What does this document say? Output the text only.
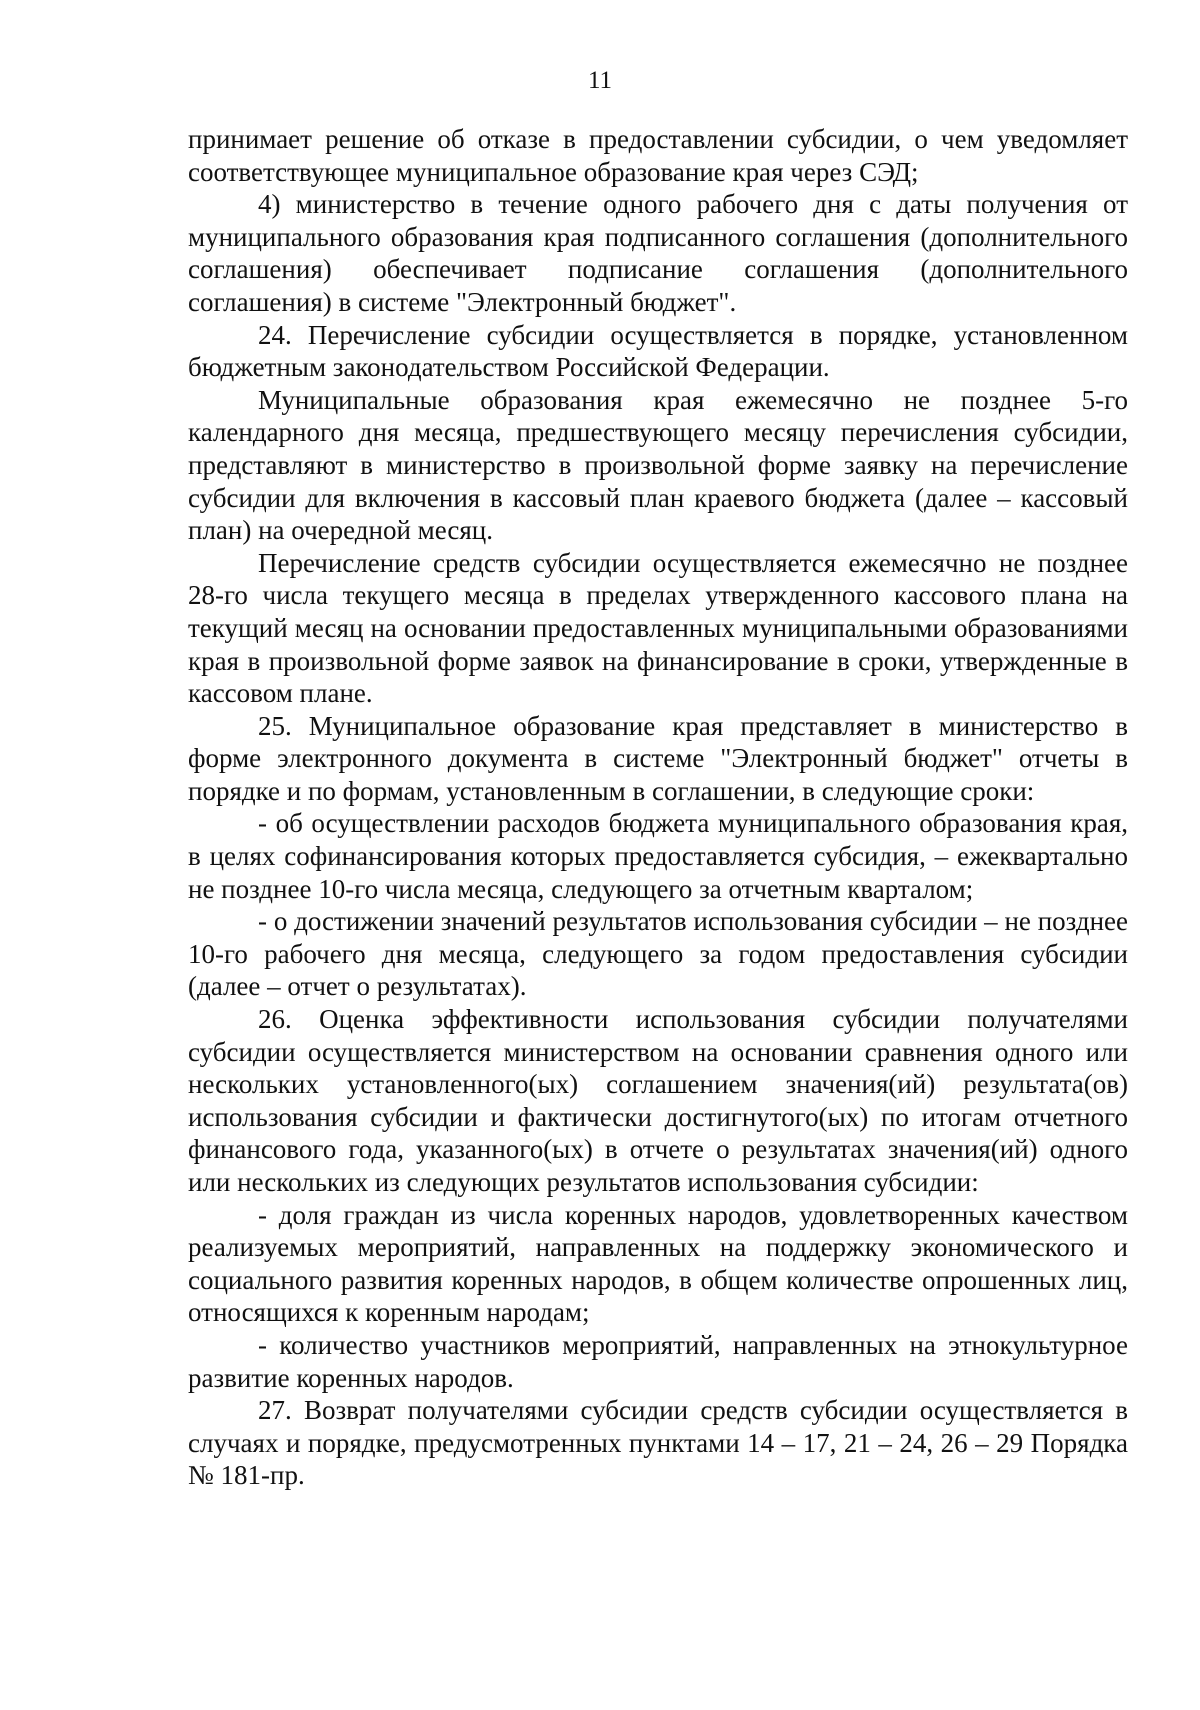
11

принимает решение об отказе в предоставлении субсидии, о чем уведомляет соответствующее муниципальное образование края через СЭД;

4) министерство в течение одного рабочего дня с даты получения от муниципального образования края подписанного соглашения (дополнительного соглашения) обеспечивает подписание соглашения (дополнительного соглашения) в системе "Электронный бюджет".

24. Перечисление субсидии осуществляется в порядке, установленном бюджетным законодательством Российской Федерации.

Муниципальные образования края ежемесячно не позднее 5-го календарного дня месяца, предшествующего месяцу перечисления субсидии, представляют в министерство в произвольной форме заявку на перечисление субсидии для включения в кассовый план краевого бюджета (далее – кассовый план) на очередной месяц.

Перечисление средств субсидии осуществляется ежемесячно не позднее 28-го числа текущего месяца в пределах утвержденного кассового плана на текущий месяц на основании предоставленных муниципальными образованиями края в произвольной форме заявок на финансирование в сроки, утвержденные в кассовом плане.

25. Муниципальное образование края представляет в министерство в форме электронного документа в системе "Электронный бюджет" отчеты в порядке и по формам, установленным в соглашении, в следующие сроки:

- об осуществлении расходов бюджета муниципального образования края, в целях софинансирования которых предоставляется субсидия, – ежеквартально не позднее 10-го числа месяца, следующего за отчетным кварталом;

- о достижении значений результатов использования субсидии – не позднее 10-го рабочего дня месяца, следующего за годом предоставления субсидии (далее – отчет о результатах).

26. Оценка эффективности использования субсидии получателями субсидии осуществляется министерством на основании сравнения одного или нескольких установленного(ых) соглашением значения(ий) результата(ов) использования субсидии и фактически достигнутого(ых) по итогам отчетного финансового года, указанного(ых) в отчете о результатах значения(ий) одного или нескольких из следующих результатов использования субсидии:

- доля граждан из числа коренных народов, удовлетворенных качеством реализуемых мероприятий, направленных на поддержку экономического и социального развития коренных народов, в общем количестве опрошенных лиц, относящихся к коренным народам;

- количество участников мероприятий, направленных на этнокультурное развитие коренных народов.

27. Возврат получателями субсидии средств субсидии осуществляется в случаях и порядке, предусмотренных пунктами 14 – 17, 21 – 24, 26 – 29 Порядка № 181-пр.
